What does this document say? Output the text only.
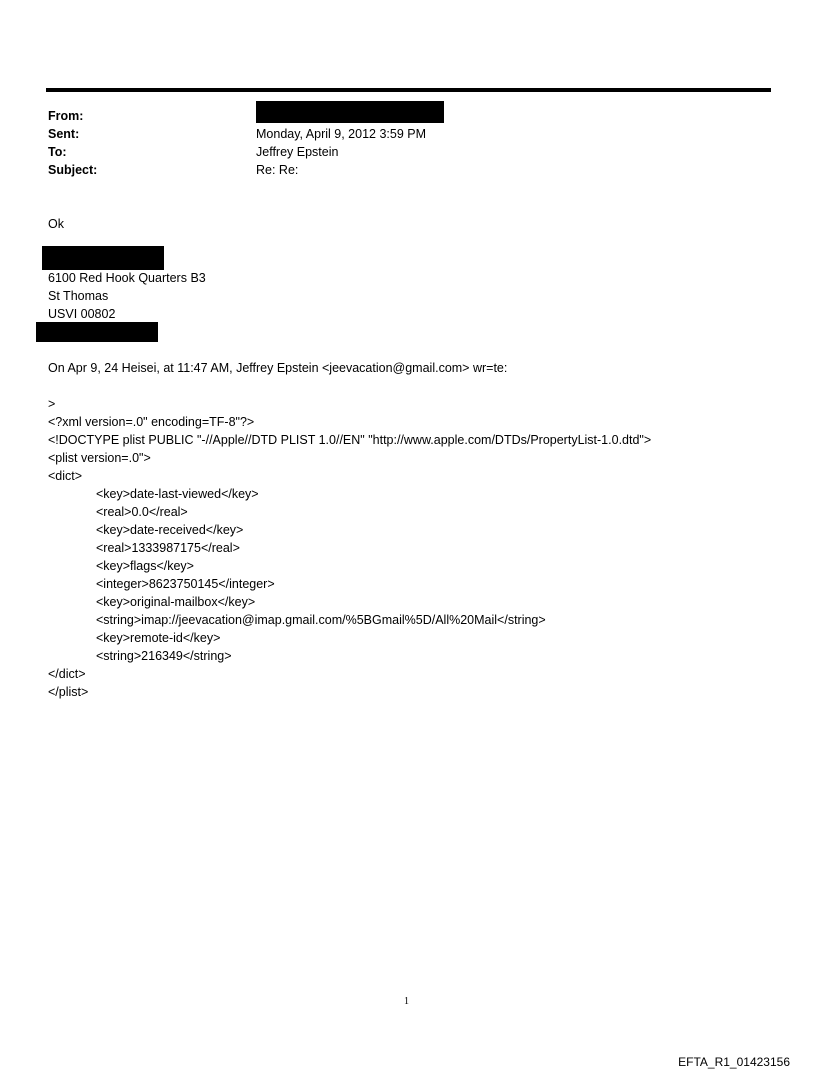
From:
Sent:	Monday, April 9, 2012 3:59 PM
To:	Jeffrey Epstein
Subject:	Re: Re:
Ok
6100 Red Hook Quarters B3
St Thomas
USVI 00802
On Apr 9, 24 Heisei, at 11:47 AM, Jeffrey Epstein <jeevacation@gmail.com> wr=te:
>
<?xml version=.0" encoding=TF-8"?>
<!DOCTYPE plist PUBLIC "-//Apple//DTD PLIST 1.0//EN" "http://www.apple.com/DTDs/PropertyList-1.0.dtd">
<plist version=.0">
<dict>
<key>date-last-viewed</key>
<real>0.0</real>
<key>date-received</key>
<real>1333987175</real>
<key>flags</key>
<integer>8623750145</integer>
<key>original-mailbox</key>
<string>imap://jeevacation@imap.gmail.com/%5BGmail%5D/All%20Mail</string>
<key>remote-id</key>
<string>216349</string>
</dict>
</plist>
1
EFTA_R1_01423156
